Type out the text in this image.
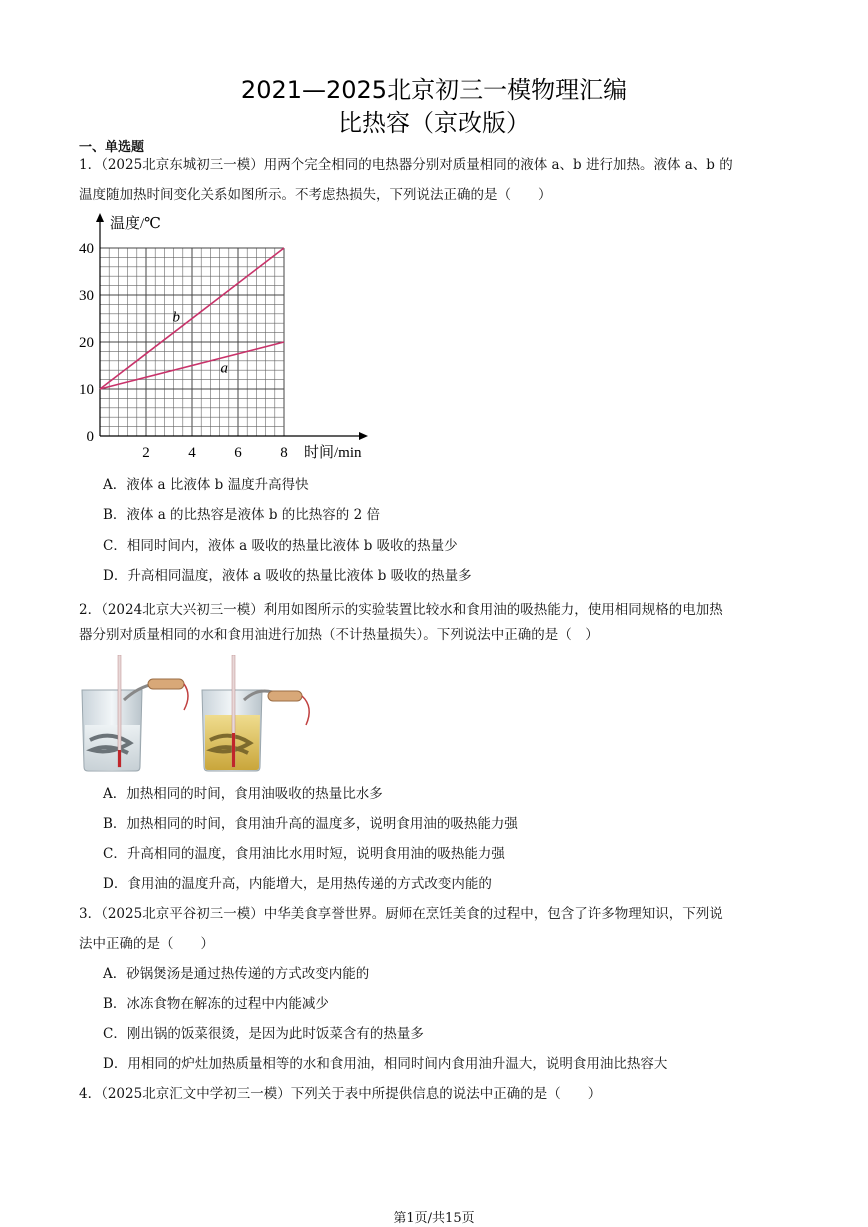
2021—2025北京初三一模物理汇编
比热容（京改版）
一、单选题
1．（2025北京东城初三一模）用两个完全相同的电热器分别对质量相同的液体 a、b 进行加热。液体 a、b 的
温度随加热时间变化关系如图所示。不考虑热损失，下列说法正确的是（　　）
10
20
30
40
0
2	4	6	8
温度/℃
时间/min
b
a
A．液体 a 比液体 b 温度升高得快
B．液体 a 的比热容是液体 b 的比热容的 2 倍
C．相同时间内，液体 a 吸收的热量比液体 b 吸收的热量少
D．升高相同温度，液体 a 吸收的热量比液体 b 吸收的热量多
2．（2024北京大兴初三一模）利用如图所示的实验装置比较水和食用油的吸热能力，使用相同规格的电加热
器分别对质量相同的水和食用油进行加热（不计热量损失）。下列说法中正确的是（　）
A．加热相同的时间，食用油吸收的热量比水多
B．加热相同的时间，食用油升高的温度多，说明食用油的吸热能力强
C．升高相同的温度，食用油比水用时短，说明食用油的吸热能力强
D．食用油的温度升高，内能增大，是用热传递的方式改变内能的
3．（2025北京平谷初三一模）中华美食享誉世界。厨师在烹饪美食的过程中，包含了许多物理知识，下列说
法中正确的是（　　）
A．砂锅煲汤是通过热传递的方式改变内能的
B．冰冻食物在解冻的过程中内能减少
C．刚出锅的饭菜很烫，是因为此时饭菜含有的热量多
D．用相同的炉灶加热质量相等的水和食用油，相同时间内食用油升温大，说明食用油比热容大
4．（2025北京汇文中学初三一模）下列关于表中所提供信息的说法中正确的是（　　）
第1页/共15页
